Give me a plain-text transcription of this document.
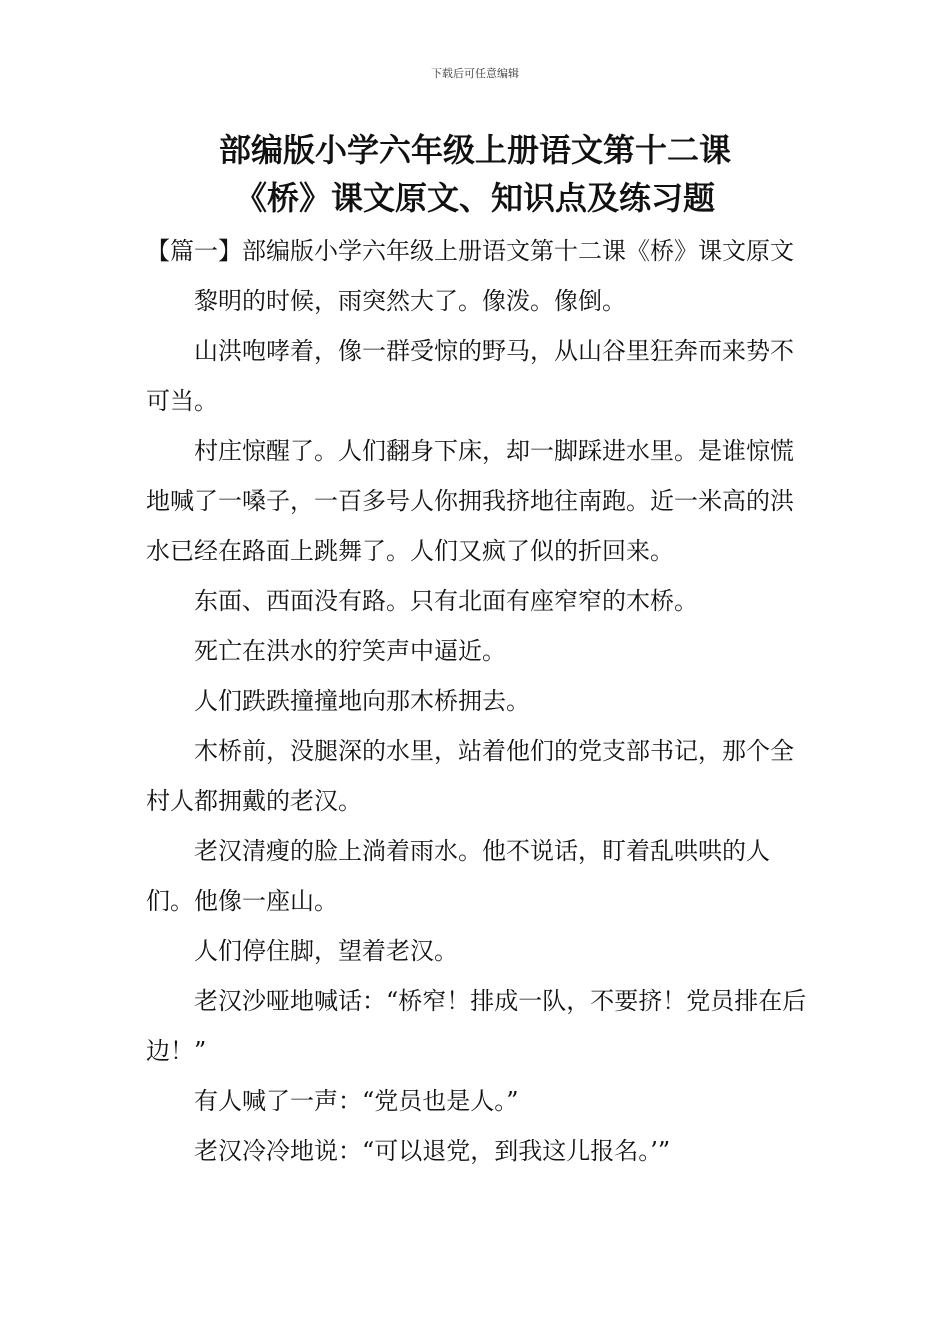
下载后可任意编辑
部编版小学六年级上册语文第十二课
《桥》课文原文、知识点及练习题

【篇一】部编版小学六年级上册语文第十二课《桥》课文原文

黎明的时候，雨突然大了。像泼。像倒。

山洪咆哮着，像一群受惊的野马，从山谷里狂奔而来势不可当。

村庄惊醒了。人们翻身下床，却一脚踩进水里。是谁惊慌地喊了一嗓子，一百多号人你拥我挤地往南跑。近一米高的洪水已经在路面上跳舞了。人们又疯了似的折回来。

东面、西面没有路。只有北面有座窄窄的木桥。

死亡在洪水的狞笑声中逼近。

人们跌跌撞撞地向那木桥拥去。

木桥前，没腿深的水里，站着他们的党支部书记，那个全村人都拥戴的老汉。

老汉清瘦的脸上淌着雨水。他不说话，盯着乱哄哄的人们。他像一座山。

人们停住脚，望着老汉。

老汉沙哑地喊话：“桥窄！排成一队，不要挤！党员排在后边！”

有人喊了一声：“党员也是人。”

老汉冷冷地说：“可以退党，到我这儿报名。’”
